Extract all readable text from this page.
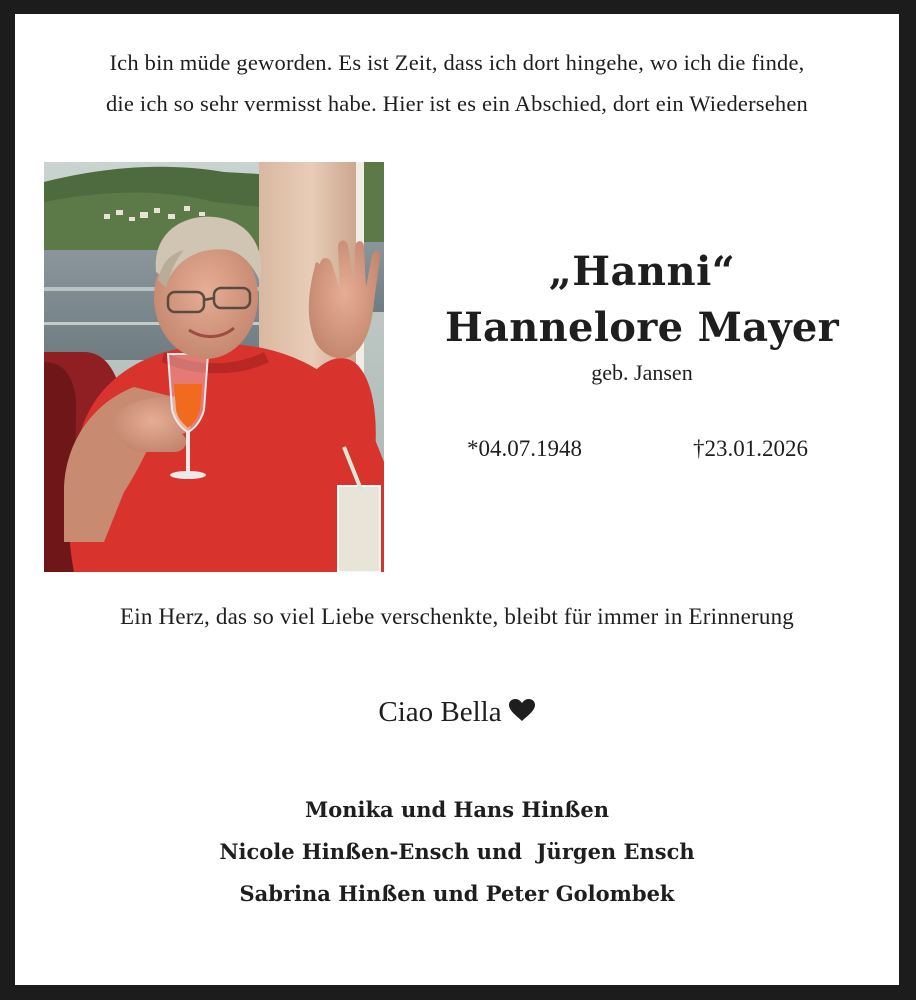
Ich bin müde geworden. Es ist Zeit, dass ich dort hingehe, wo ich die finde,
die ich so sehr vermisst habe. Hier ist es ein Abschied, dort ein Wiedersehen
„Hanni“
Hannelore Mayer
geb. Jansen
*04.07.1948	†23.01.2026
Ein Herz, das so viel Liebe verschenkte, bleibt für immer in Erinnerung
Ciao Bella
Monika und Hans Hinßen
Nicole Hinßen-Ensch und  Jürgen Ensch
Sabrina Hinßen und Peter Golombek
